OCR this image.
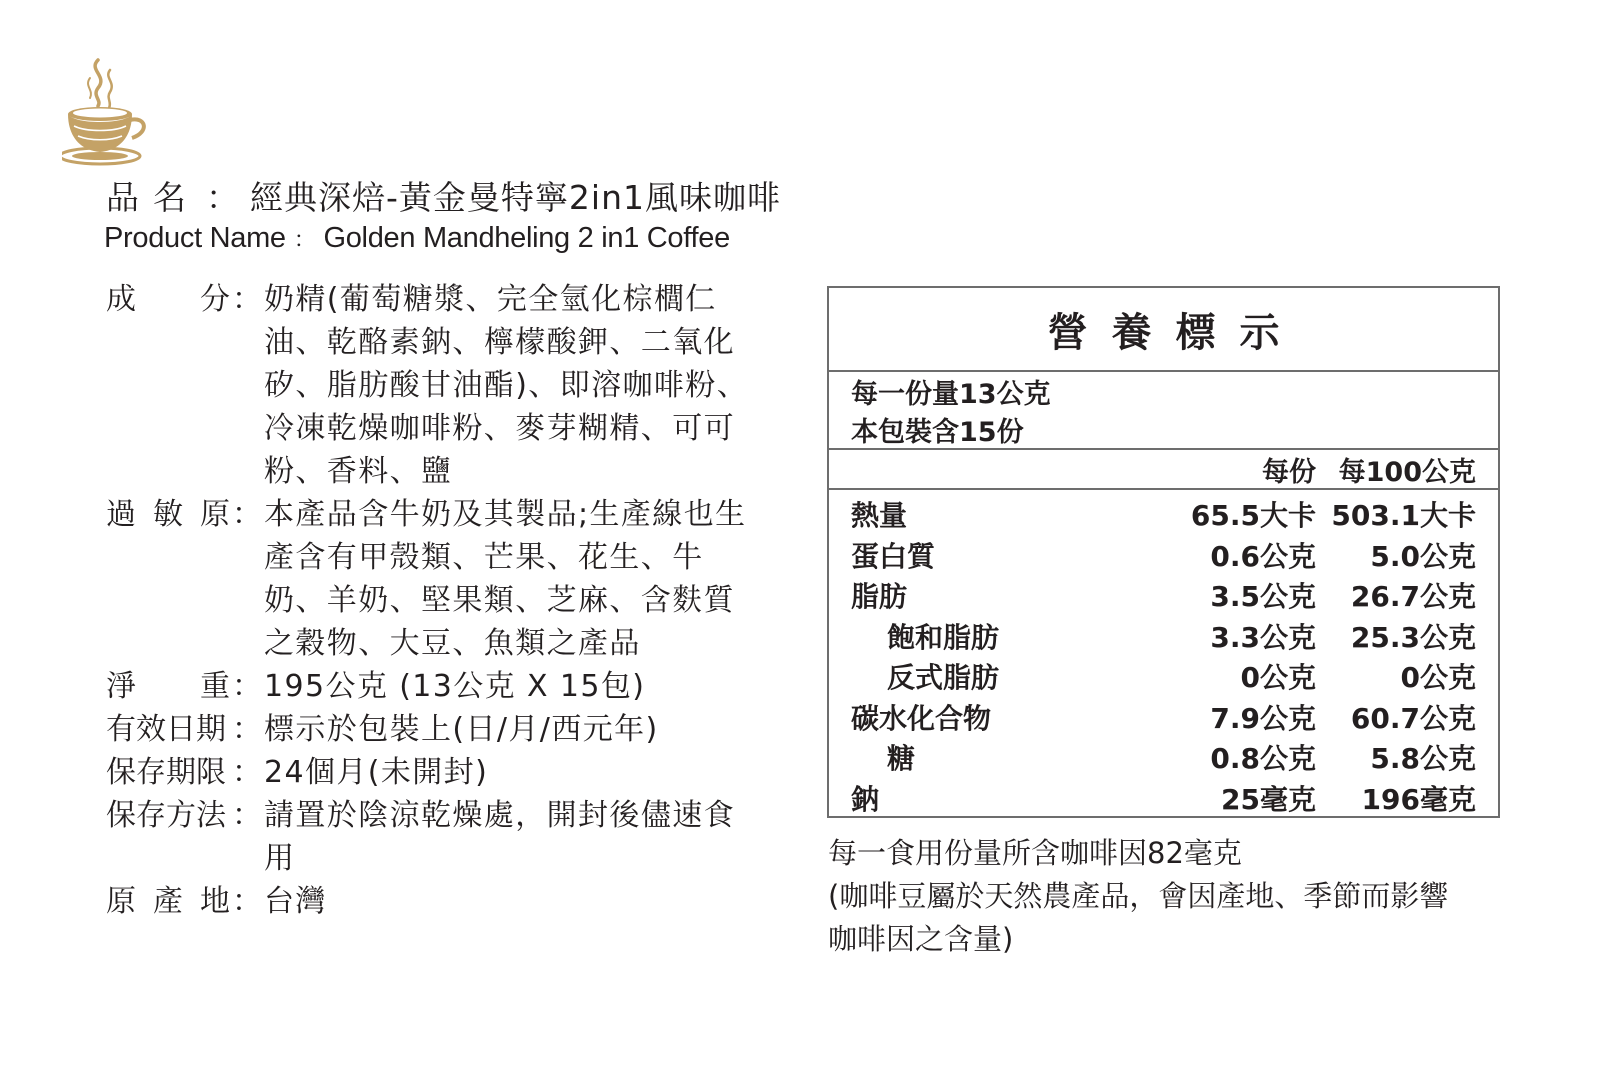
品名 ： 經典深焙-黃金曼特寧2in1風味咖啡
Product Name ： Golden Mandheling 2 in1 Coffee
成 分 ： 奶精(葡萄糖漿、完全氫化棕櫚仁油、乾酪素鈉、檸檬酸鉀、二氧化矽、脂肪酸甘油酯)、即溶咖啡粉、冷凍乾燥咖啡粉、麥芽糊精、可可粉、香料、鹽
過 敏 原 ： 本產品含牛奶及其製品;生產線也生產含有甲殼類、芒果、花生、牛奶、羊奶、堅果類、芝麻、含麩質之穀物、大豆、魚類之產品
淨 重 ： 195公克 (13公克 X 15包)
有效日期 ： 標示於包裝上(日/月/西元年)
保存期限 ： 24個月(未開封)
保存方法 ： 請置於陰涼乾燥處，開封後儘速食用
原 產 地 ： 台灣
營養標示
每一份量13公克
本包裝含15份
每份 每100公克
熱量	65.5大卡 503.1大卡
蛋白質	0.6公克	5.0公克
脂肪	3.5公克	26.7公克
飽和脂肪	3.3公克	25.3公克
反式脂肪	0公克	0公克
碳水化合物	7.9公克	60.7公克
糖	0.8公克	5.8公克
鈉	25毫克	196毫克
每一食用份量所含咖啡因82毫克
(咖啡豆屬於天然農產品，會因產地、季節而影響
咖啡因之含量)
